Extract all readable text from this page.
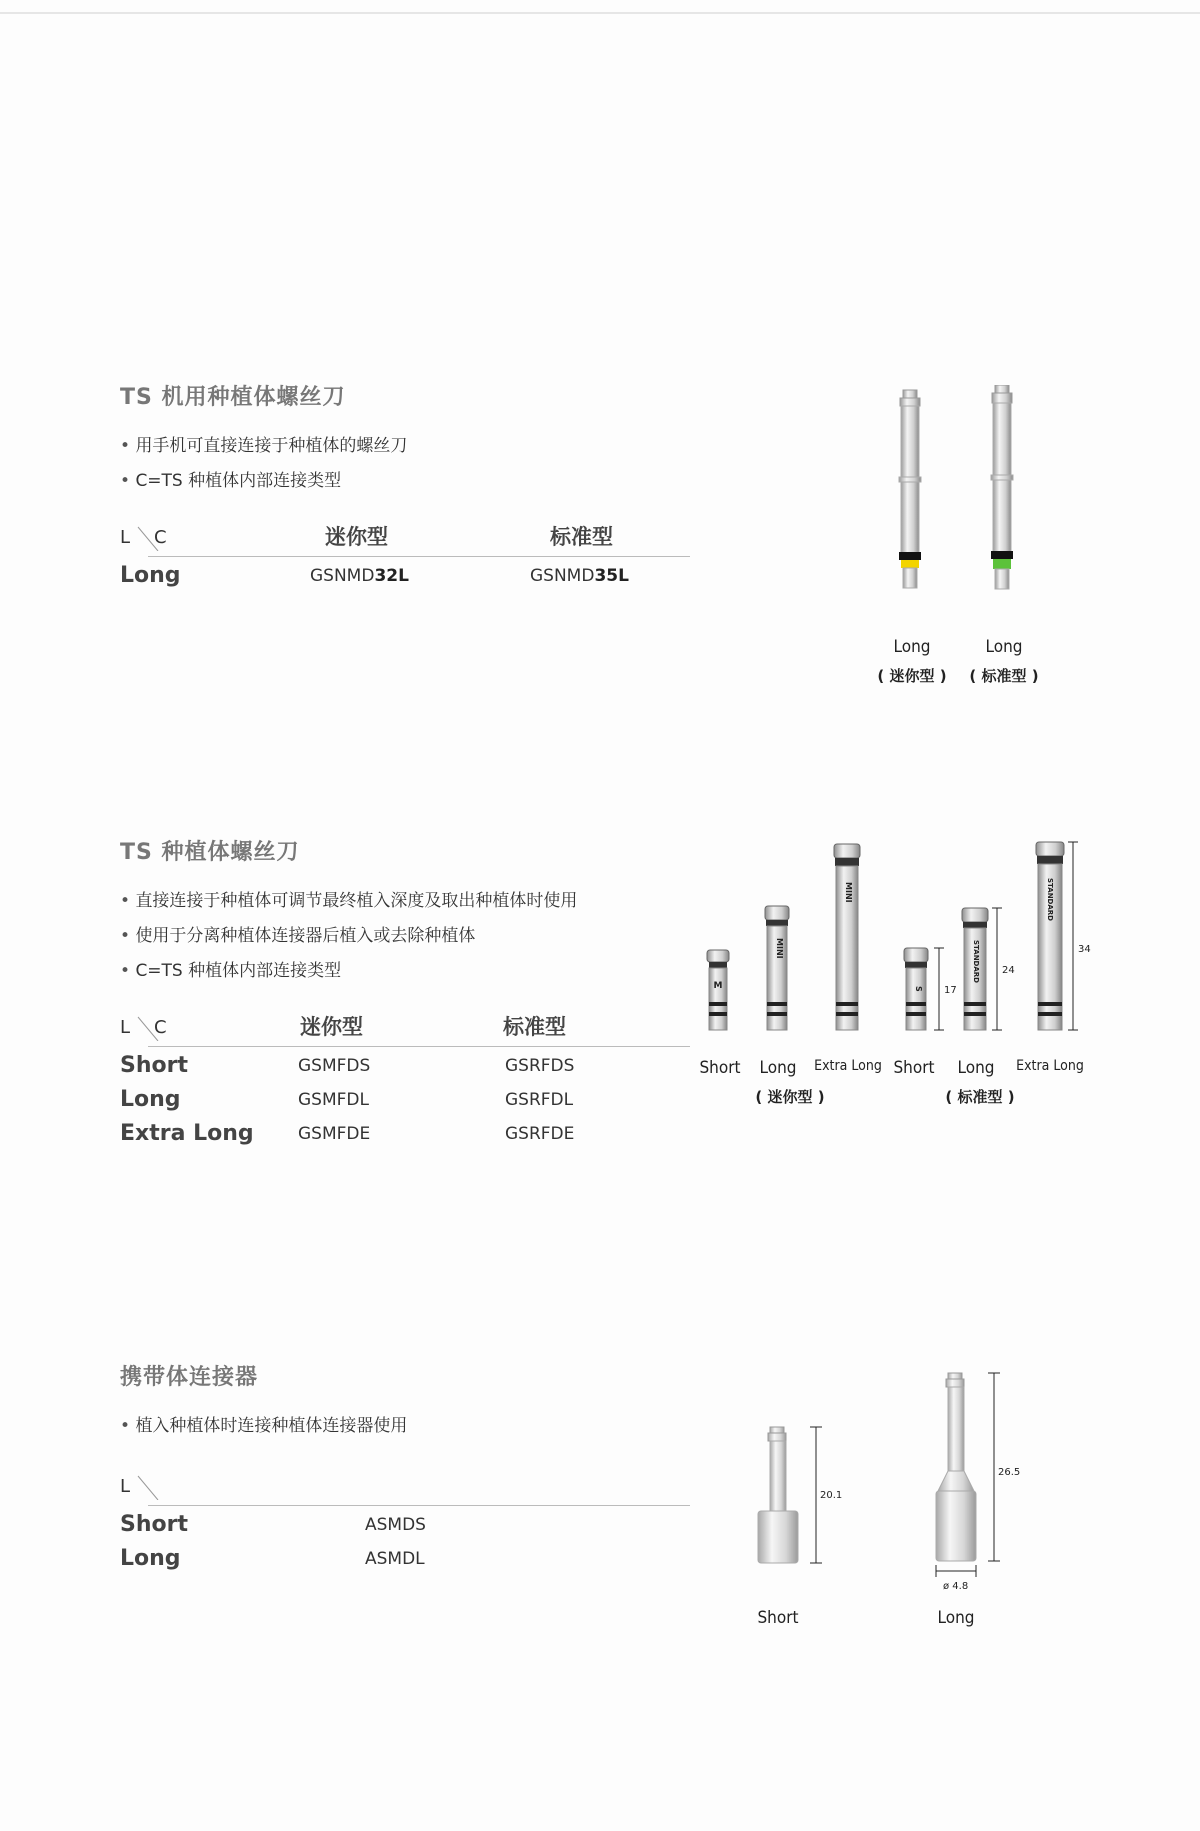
TS 机用种植体螺丝刀
• 用手机可直接连接于种植体的螺丝刀
• C=TS 种植体内部连接类型
L C	迷你型	标准型
Long	GSNMD32L	GSNMD35L
Long	Long
( 迷你型 )	( 标准型 )
TS 种植体螺丝刀
• 直接连接于种植体可调节最终植入深度及取出种植体时使用
• 使用于分离种植体连接器后植入或去除种植体
• C=TS 种植体内部连接类型
L C	迷你型	标准型
Short	GSMFDS	GSRFDS
Long	GSMFDL	GSRFDL
Extra Long	GSMFDE	GSRFDE
M
MINI
MINI
S
STANDARD
STANDARD
17
24
34
Short Long Extra Long Short Long Extra Long
( 迷你型 )	( 标准型 )
携带体连接器
• 植入种植体时连接种植体连接器使用
L
Short	ASMDS
Long	ASMDL
20.1
26.5
ø 4.8
Short	Long
